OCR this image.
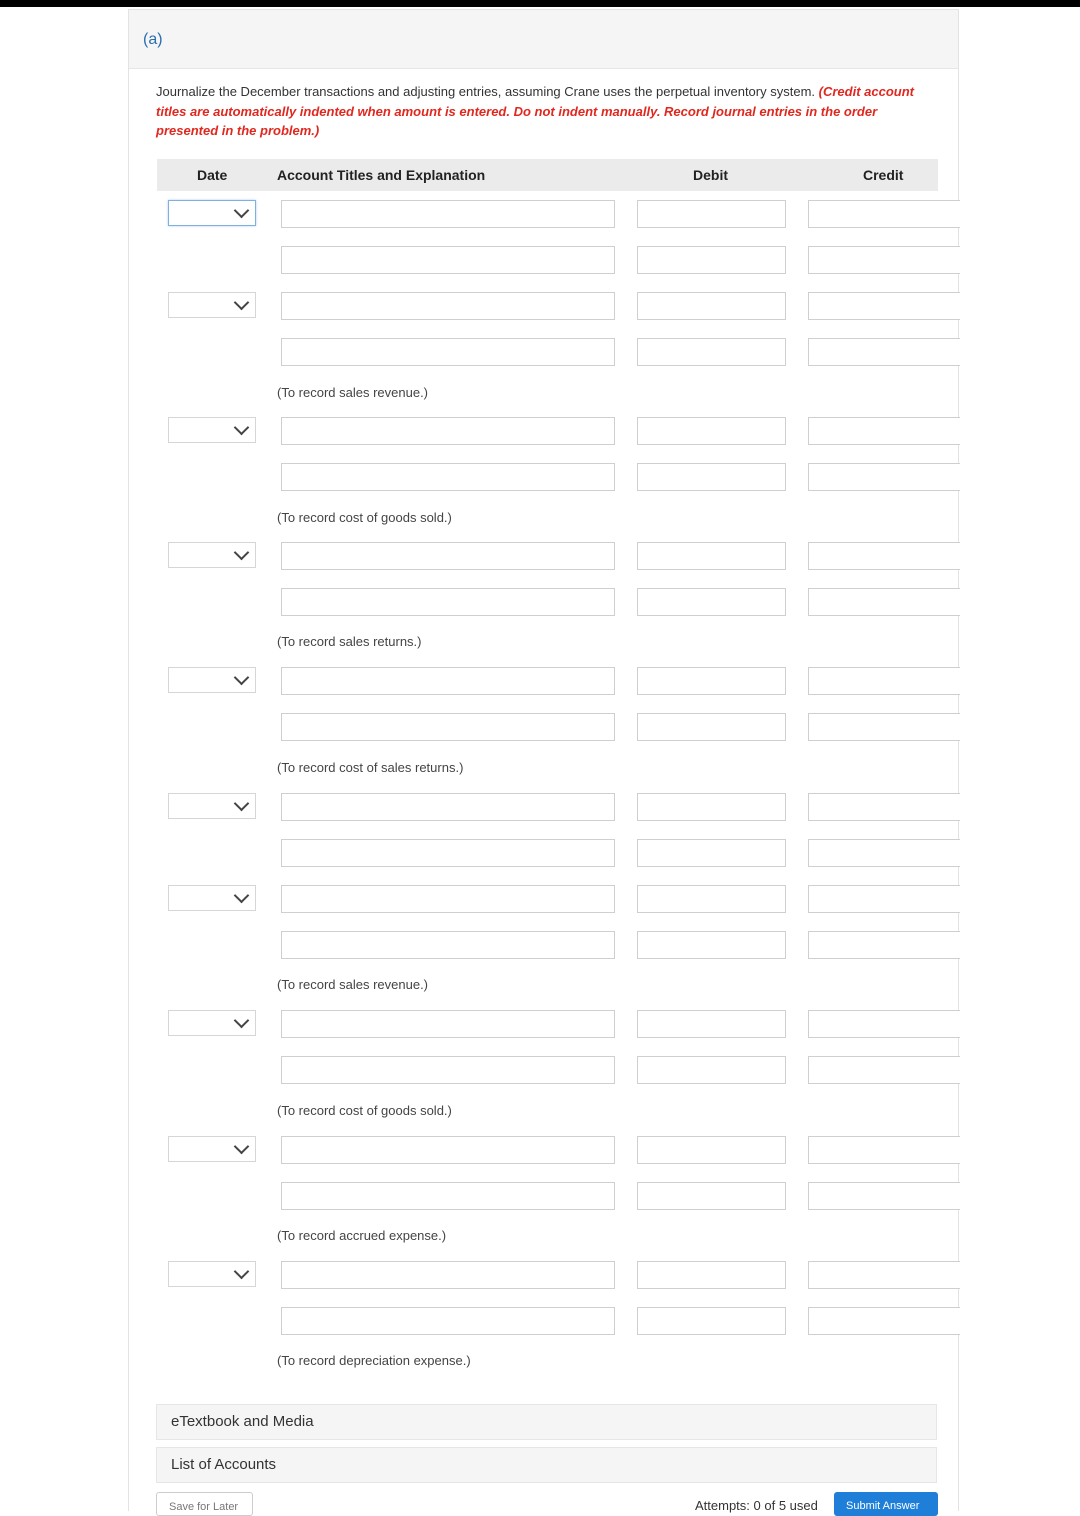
(a)
Journalize the December transactions and adjusting entries, assuming Crane uses the perpetual inventory system. (Credit account titles are automatically indented when amount is entered. Do not indent manually. Record journal entries in the order presented in the problem.)
Date	Account Titles and Explanation	Debit	Credit
(To record sales revenue.)
(To record cost of goods sold.)
(To record sales returns.)
(To record cost of sales returns.)
(To record sales revenue.)
(To record cost of goods sold.)
(To record accrued expense.)
(To record depreciation expense.)
eTextbook and Media
List of Accounts
Save for Later	Attempts: 0 of 5 used	Submit Answer
